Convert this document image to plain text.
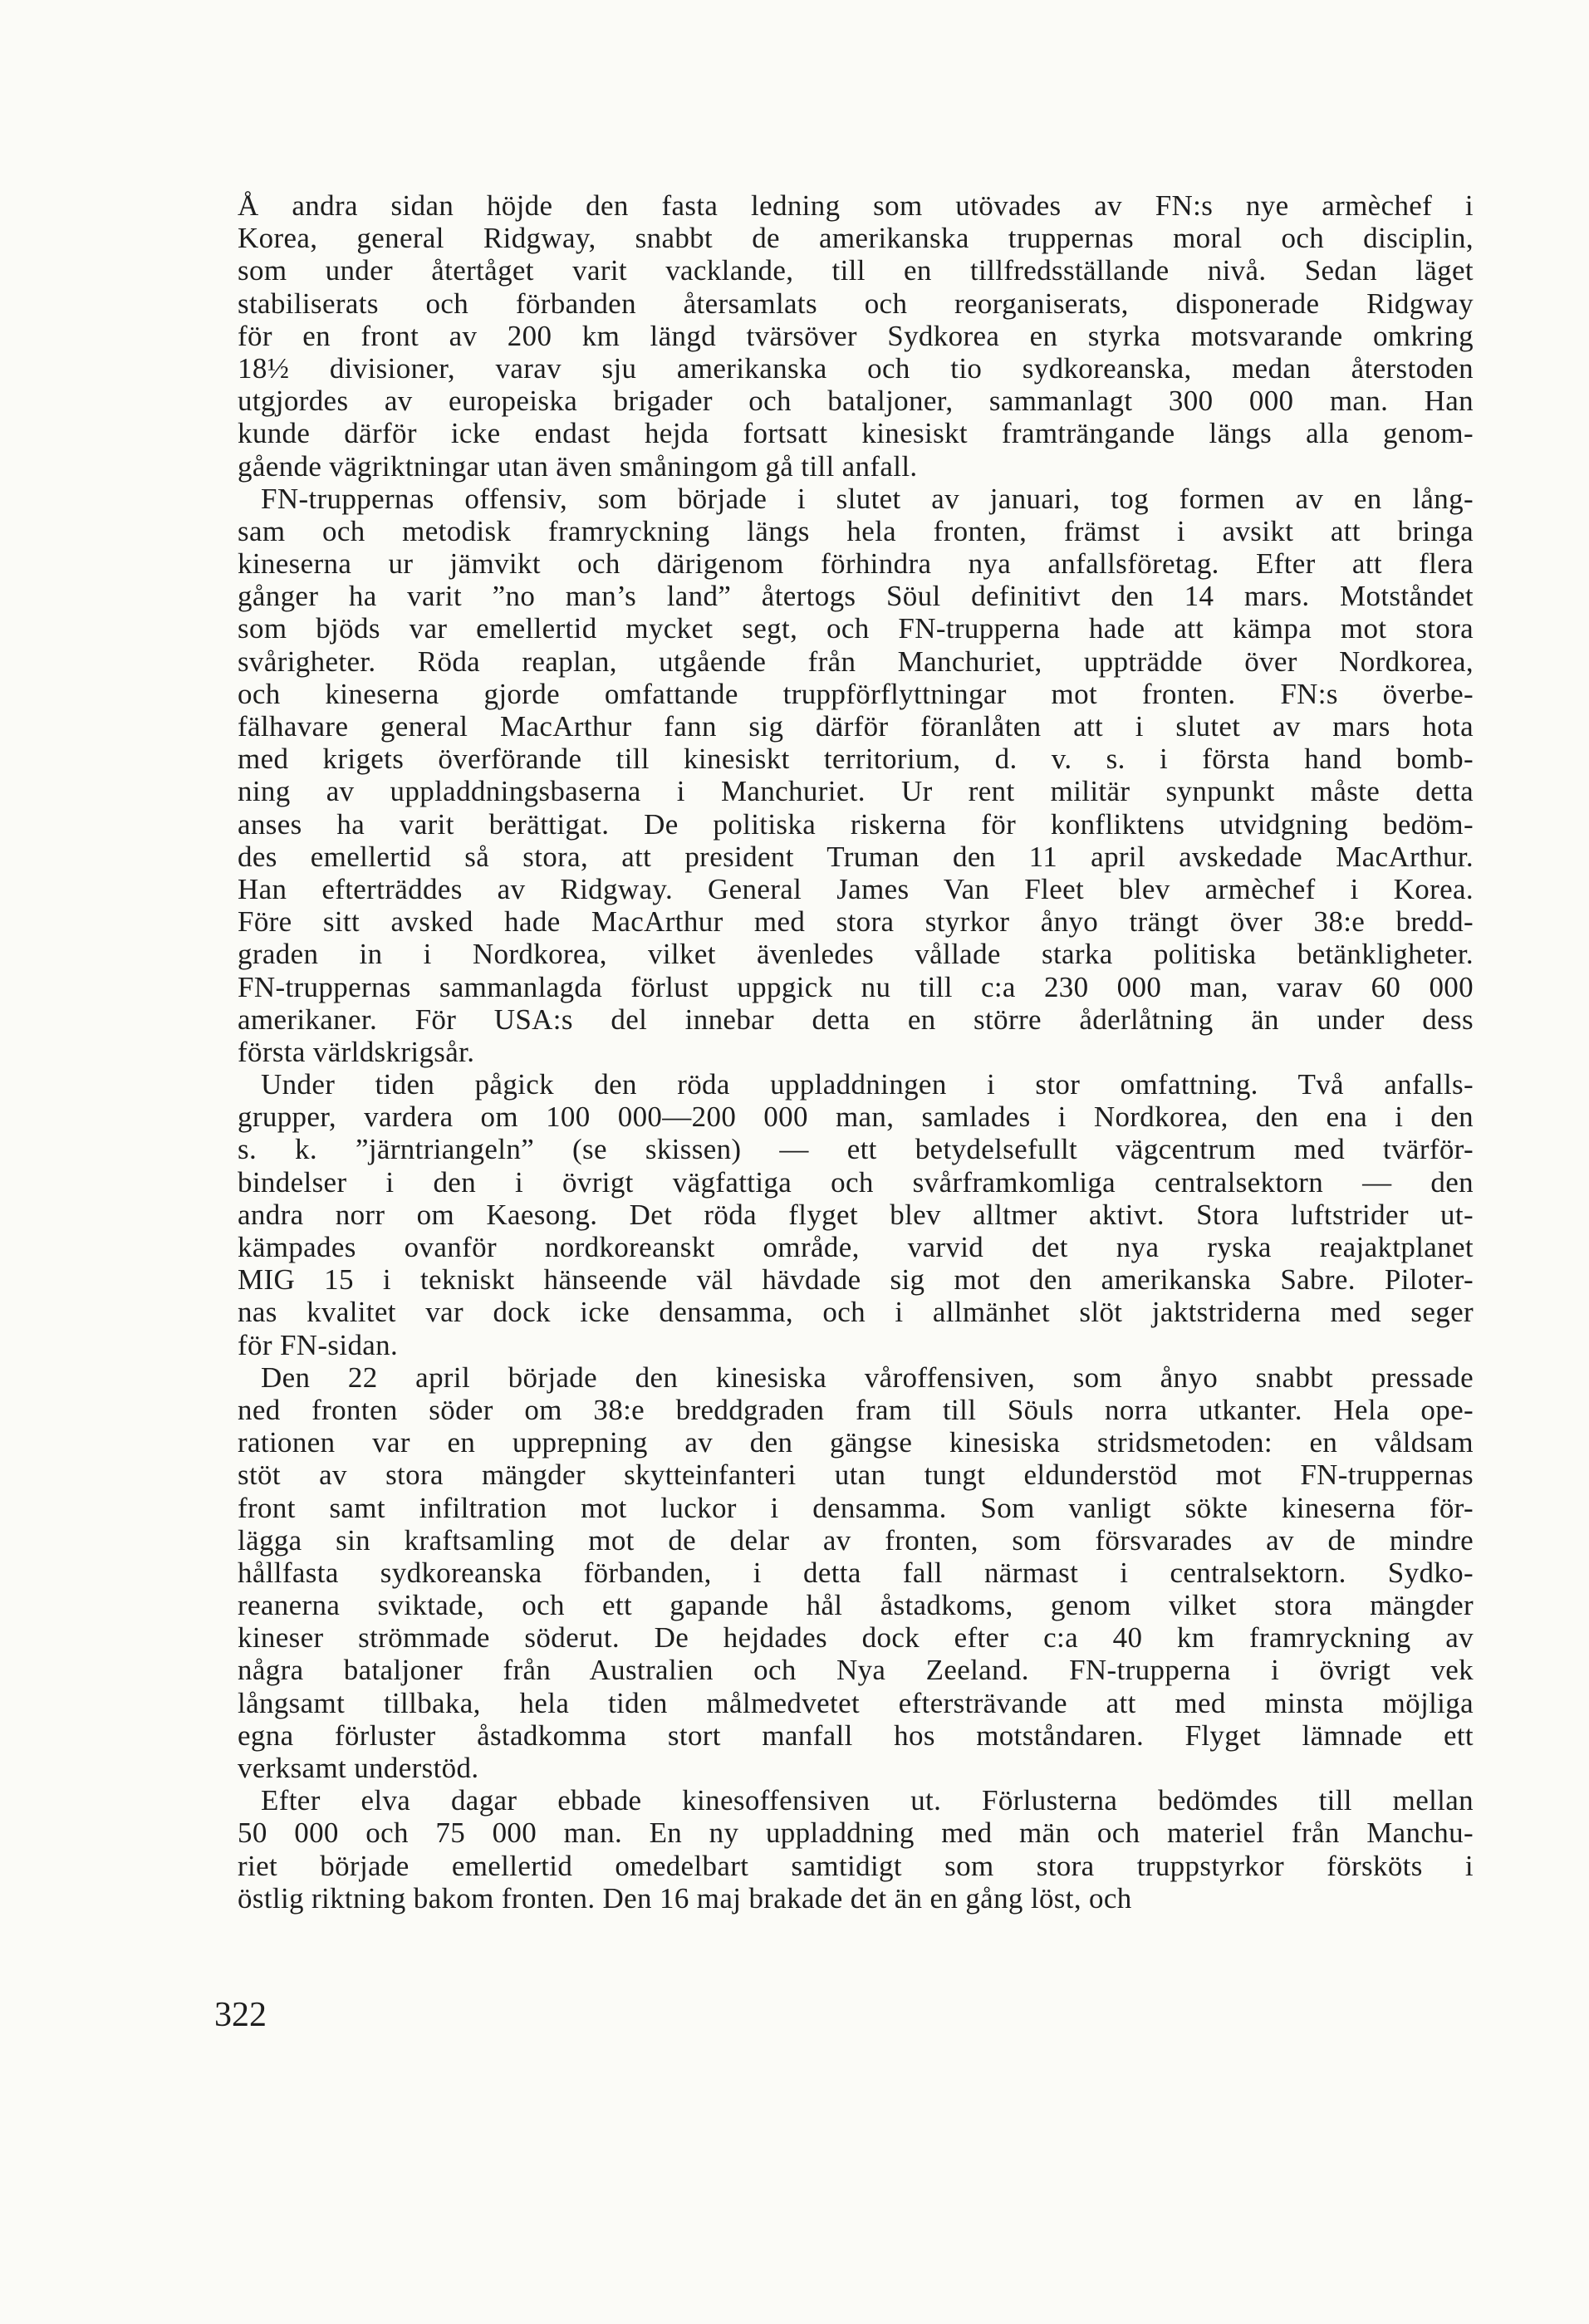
Å andra sidan höjde den fasta ledning som utövades av FN:s nye armèchef i
Korea, general Ridgway, snabbt de amerikanska truppernas moral och disciplin,
som under återtåget varit vacklande, till en tillfredsställande nivå. Sedan läget
stabiliserats och förbanden återsamlats och reorganiserats, disponerade Ridgway
för en front av 200 km längd tvärsöver Sydkorea en styrka motsvarande omkring
18½ divisioner, varav sju amerikanska och tio sydkoreanska, medan återstoden
utgjordes av europeiska brigader och bataljoner, sammanlagt 300 000 man. Han
kunde därför icke endast hejda fortsatt kinesiskt framträngande längs alla genom-
gående vägriktningar utan även småningom gå till anfall.
FN-truppernas offensiv, som började i slutet av januari, tog formen av en lång-
sam och metodisk framryckning längs hela fronten, främst i avsikt att bringa
kineserna ur jämvikt och därigenom förhindra nya anfallsföretag. Efter att flera
gånger ha varit ”no man’s land” återtogs Söul definitivt den 14 mars. Motståndet
som bjöds var emellertid mycket segt, och FN-trupperna hade att kämpa mot stora
svårigheter. Röda reaplan, utgående från Manchuriet, uppträdde över Nordkorea,
och kineserna gjorde omfattande truppförflyttningar mot fronten. FN:s överbe-
fälhavare general MacArthur fann sig därför föranlåten att i slutet av mars hota
med krigets överförande till kinesiskt territorium, d. v. s. i första hand bomb-
ning av uppladdningsbaserna i Manchuriet. Ur rent militär synpunkt måste detta
anses ha varit berättigat. De politiska riskerna för konfliktens utvidgning bedöm-
des emellertid så stora, att president Truman den 11 april avskedade MacArthur.
Han efterträddes av Ridgway. General James Van Fleet blev armèchef i Korea.
Före sitt avsked hade MacArthur med stora styrkor ånyo trängt över 38:e bredd-
graden in i Nordkorea, vilket ävenledes vållade starka politiska betänkligheter.
FN-truppernas sammanlagda förlust uppgick nu till c:a 230 000 man, varav 60 000
amerikaner. För USA:s del innebar detta en större åderlåtning än under dess
första världskrigsår.
Under tiden pågick den röda uppladdningen i stor omfattning. Två anfalls-
grupper, vardera om 100 000—200 000 man, samlades i Nordkorea, den ena i den
s. k. ”järntriangeln” (se skissen) — ett betydelsefullt vägcentrum med tvärför-
bindelser i den i övrigt vägfattiga och svårframkomliga centralsektorn — den
andra norr om Kaesong. Det röda flyget blev alltmer aktivt. Stora luftstrider ut-
kämpades ovanför nordkoreanskt område, varvid det nya ryska reajaktplanet
MIG 15 i tekniskt hänseende väl hävdade sig mot den amerikanska Sabre. Piloter-
nas kvalitet var dock icke densamma, och i allmänhet slöt jaktstriderna med seger
för FN-sidan.
Den 22 april började den kinesiska våroffensiven, som ånyo snabbt pressade
ned fronten söder om 38:e breddgraden fram till Söuls norra utkanter. Hela ope-
rationen var en upprepning av den gängse kinesiska stridsmetoden: en våldsam
stöt av stora mängder skytteinfanteri utan tungt eldunderstöd mot FN-truppernas
front samt infiltration mot luckor i densamma. Som vanligt sökte kineserna för-
lägga sin kraftsamling mot de delar av fronten, som försvarades av de mindre
hållfasta sydkoreanska förbanden, i detta fall närmast i centralsektorn. Sydko-
reanerna sviktade, och ett gapande hål åstadkoms, genom vilket stora mängder
kineser strömmade söderut. De hejdades dock efter c:a 40 km framryckning av
några bataljoner från Australien och Nya Zeeland. FN-trupperna i övrigt vek
långsamt tillbaka, hela tiden målmedvetet eftersträvande att med minsta möjliga
egna förluster åstadkomma stort manfall hos motståndaren. Flyget lämnade ett
verksamt understöd.
Efter elva dagar ebbade kinesoffensiven ut. Förlusterna bedömdes till mellan
50 000 och 75 000 man. En ny uppladdning med män och materiel från Manchu-
riet började emellertid omedelbart samtidigt som stora truppstyrkor försköts i
östlig riktning bakom fronten. Den 16 maj brakade det än en gång löst, och
322
